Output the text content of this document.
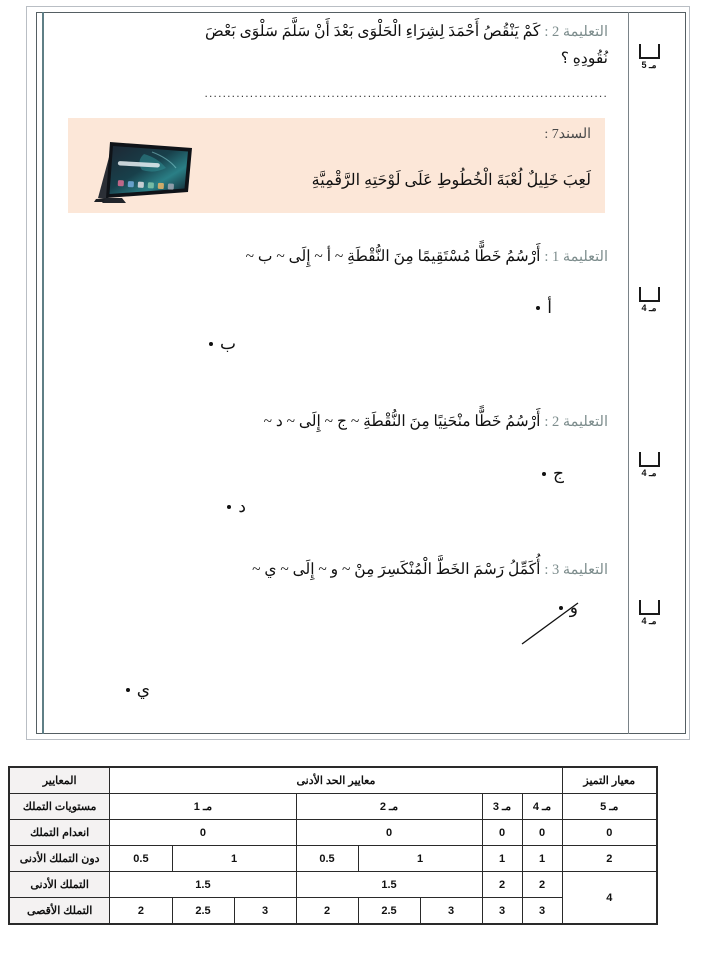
مـ 5
مـ 4
مـ 4
مـ 4
التعليمة 2 : كَمْ يَنْقُصُ أَحْمَدَ لِشِرَاءِ الْحَلْوَى بَعْدَ أَنْ سَلَّمَ سَلْوَى بَعْضَ
نُقُودِهِ ؟
.........................................................................................
السند7 :
لَعِبَ خَلِيلٌ لُعْبَةَ الْخُطُوطِ عَلَى لَوْحَتِهِ الرَّقْمِيَّةِ
التعليمة 1 : أَرْسُمُ خَطًّا مُسْتَقِيمًا مِنَ النُّقْطَةِ ~ أ ~ إِلَى ~ ب ~
أ
ب
التعليمة 2 : أَرْسُمُ خَطًّا منْحَنِيًا مِنَ النُّقْطَةِ ~ ج ~ إِلَى ~ د ~
ج
د
التعليمة 3 : أُكَمِّلُ رَسْمَ الخَطَّ الْمُنْكَسِرَ مِنْ ~ و ~ إِلَى ~ ي ~
و
ي
معيار التميز	معايير الحد الأدنى								المعايير
مـ 5	مـ 4	مـ 3	مـ 2			مـ 1			مستويات التملك
0	0	0	0			0			انعدام التملك
2	1	1	1		0.5	1		0.5	دون التملك الأدنى
4	2	2	1.5			1.5			التملك الأدنى
	3	3	3	2.5	2	3	2.5	2	التملك الأقصى
